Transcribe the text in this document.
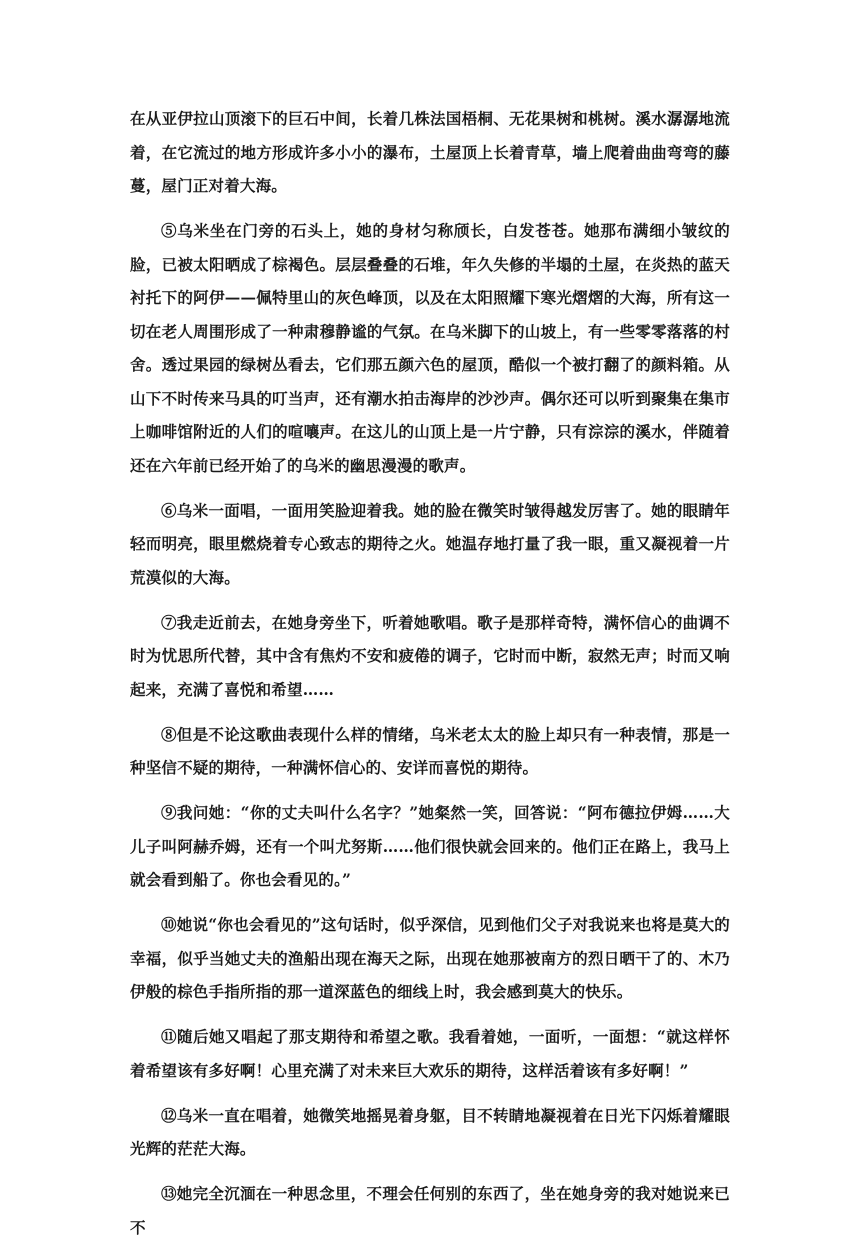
在从亚伊拉山顶滚下的巨石中间，长着几株法国梧桐、无花果树和桃树。溪水潺潺地流着，在它流过的地方形成许多小小的瀑布，土屋顶上长着青草，墙上爬着曲曲弯弯的藤蔓，屋门正对着大海。

⑤乌米坐在门旁的石头上，她的身材匀称颀长，白发苍苍。她那布满细小皱纹的脸，已被太阳晒成了棕褐色。层层叠叠的石堆，年久失修的半塌的土屋，在炎热的蓝天衬托下的阿伊——佩特里山的灰色峰顶，以及在太阳照耀下寒光熠熠的大海，所有这一切在老人周围形成了一种肃穆静谧的气氛。在乌米脚下的山坡上，有一些零零落落的村舍。透过果园的绿树丛看去，它们那五颜六色的屋顶，酷似一个被打翻了的颜料箱。从山下不时传来马具的叮当声，还有潮水拍击海岸的沙沙声。偶尔还可以听到聚集在集市上咖啡馆附近的人们的喧嚷声。在这儿的山顶上是一片宁静，只有淙淙的溪水，伴随着还在六年前已经开始了的乌米的幽思漫漫的歌声。

⑥乌米一面唱，一面用笑脸迎着我。她的脸在微笑时皱得越发厉害了。她的眼睛年轻而明亮，眼里燃烧着专心致志的期待之火。她温存地打量了我一眼，重又凝视着一片荒漠似的大海。

⑦我走近前去，在她身旁坐下，听着她歌唱。歌子是那样奇特，满怀信心的曲调不时为忧思所代替，其中含有焦灼不安和疲倦的调子，它时而中断，寂然无声；时而又响起来，充满了喜悦和希望……

⑧但是不论这歌曲表现什么样的情绪，乌米老太太的脸上却只有一种表情，那是一种坚信不疑的期待，一种满怀信心的、安详而喜悦的期待。

⑨我问她：“你的丈夫叫什么名字？”她粲然一笑，回答说：“阿布德拉伊姆……大儿子叫阿赫乔姆，还有一个叫尤努斯……他们很快就会回来的。他们正在路上，我马上就会看到船了。你也会看见的。”

⑩她说“你也会看见的”这句话时，似乎深信，见到他们父子对我说来也将是莫大的幸福，似乎当她丈夫的渔船出现在海天之际，出现在她那被南方的烈日晒干了的、木乃伊般的棕色手指所指的那一道深蓝色的细线上时，我会感到莫大的快乐。

⑪随后她又唱起了那支期待和希望之歌。我看着她，一面听，一面想：“就这样怀着希望该有多好啊！心里充满了对未来巨大欢乐的期待，这样活着该有多好啊！”

⑫乌米一直在唱着，她微笑地摇晃着身躯，目不转睛地凝视着在日光下闪烁着耀眼光辉的茫茫大海。

⑬她完全沉湎在一种思念里，不理会任何别的东西了，坐在她身旁的我对她说来已不
